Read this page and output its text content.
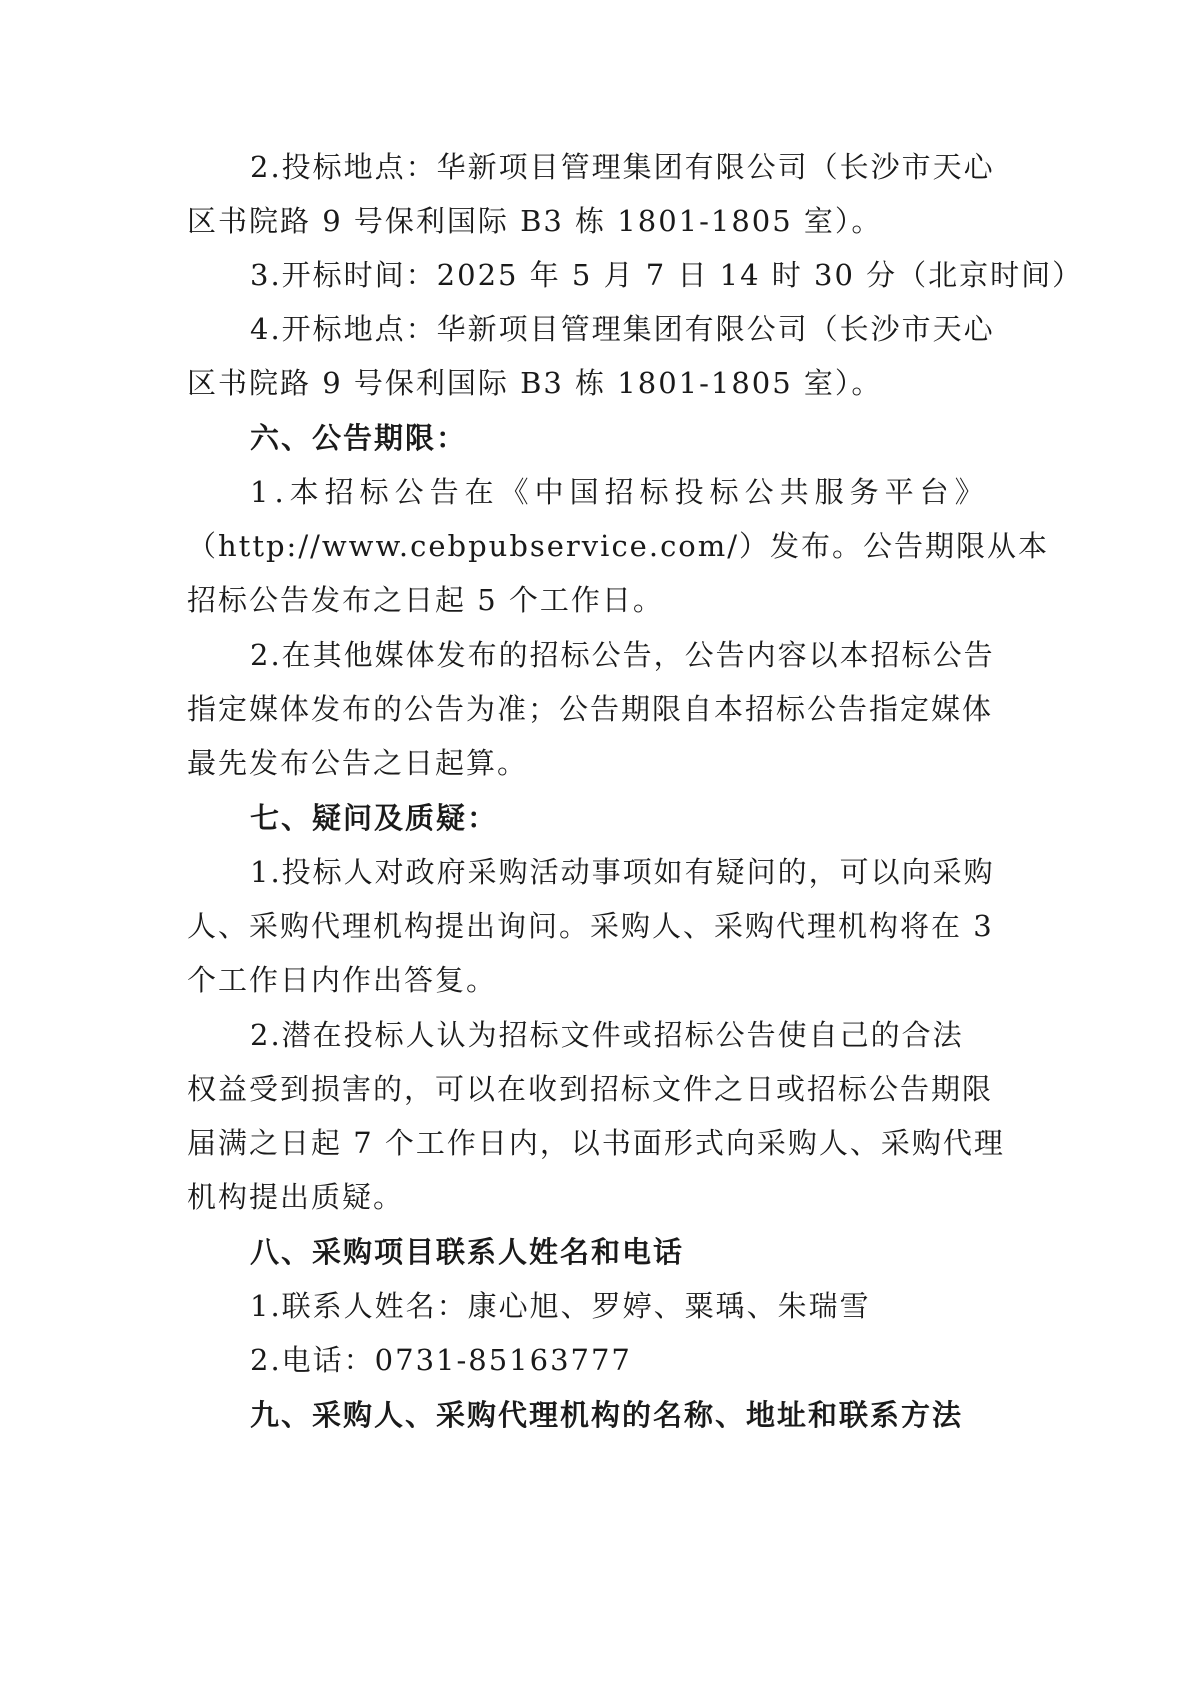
2.投标地点：华新项目管理集团有限公司（长沙市天心
区书院路 9 号保利国际 B3 栋 1801-1805 室）。
3.开标时间：2025 年 5 月 7 日 14 时 30 分（北京时间）
4.开标地点：华新项目管理集团有限公司（长沙市天心
区书院路 9 号保利国际 B3 栋 1801-1805 室）。
六、公告期限：
1.本招标公告在《中国招标投标公共服务平台》
（http://www.cebpubservice.com/）发布。公告期限从本
招标公告发布之日起 5 个工作日。
2.在其他媒体发布的招标公告，公告内容以本招标公告
指定媒体发布的公告为准；公告期限自本招标公告指定媒体
最先发布公告之日起算。
七、疑问及质疑：
1.投标人对政府采购活动事项如有疑问的，可以向采购
人、采购代理机构提出询问。采购人、采购代理机构将在 3
个工作日内作出答复。
2.潜在投标人认为招标文件或招标公告使自己的合法
权益受到损害的，可以在收到招标文件之日或招标公告期限
届满之日起 7 个工作日内，以书面形式向采购人、采购代理
机构提出质疑。
八、采购项目联系人姓名和电话
1.联系人姓名：康心旭、罗婷、粟瑀、朱瑞雪
2.电话：0731-85163777
九、采购人、采购代理机构的名称、地址和联系方法
